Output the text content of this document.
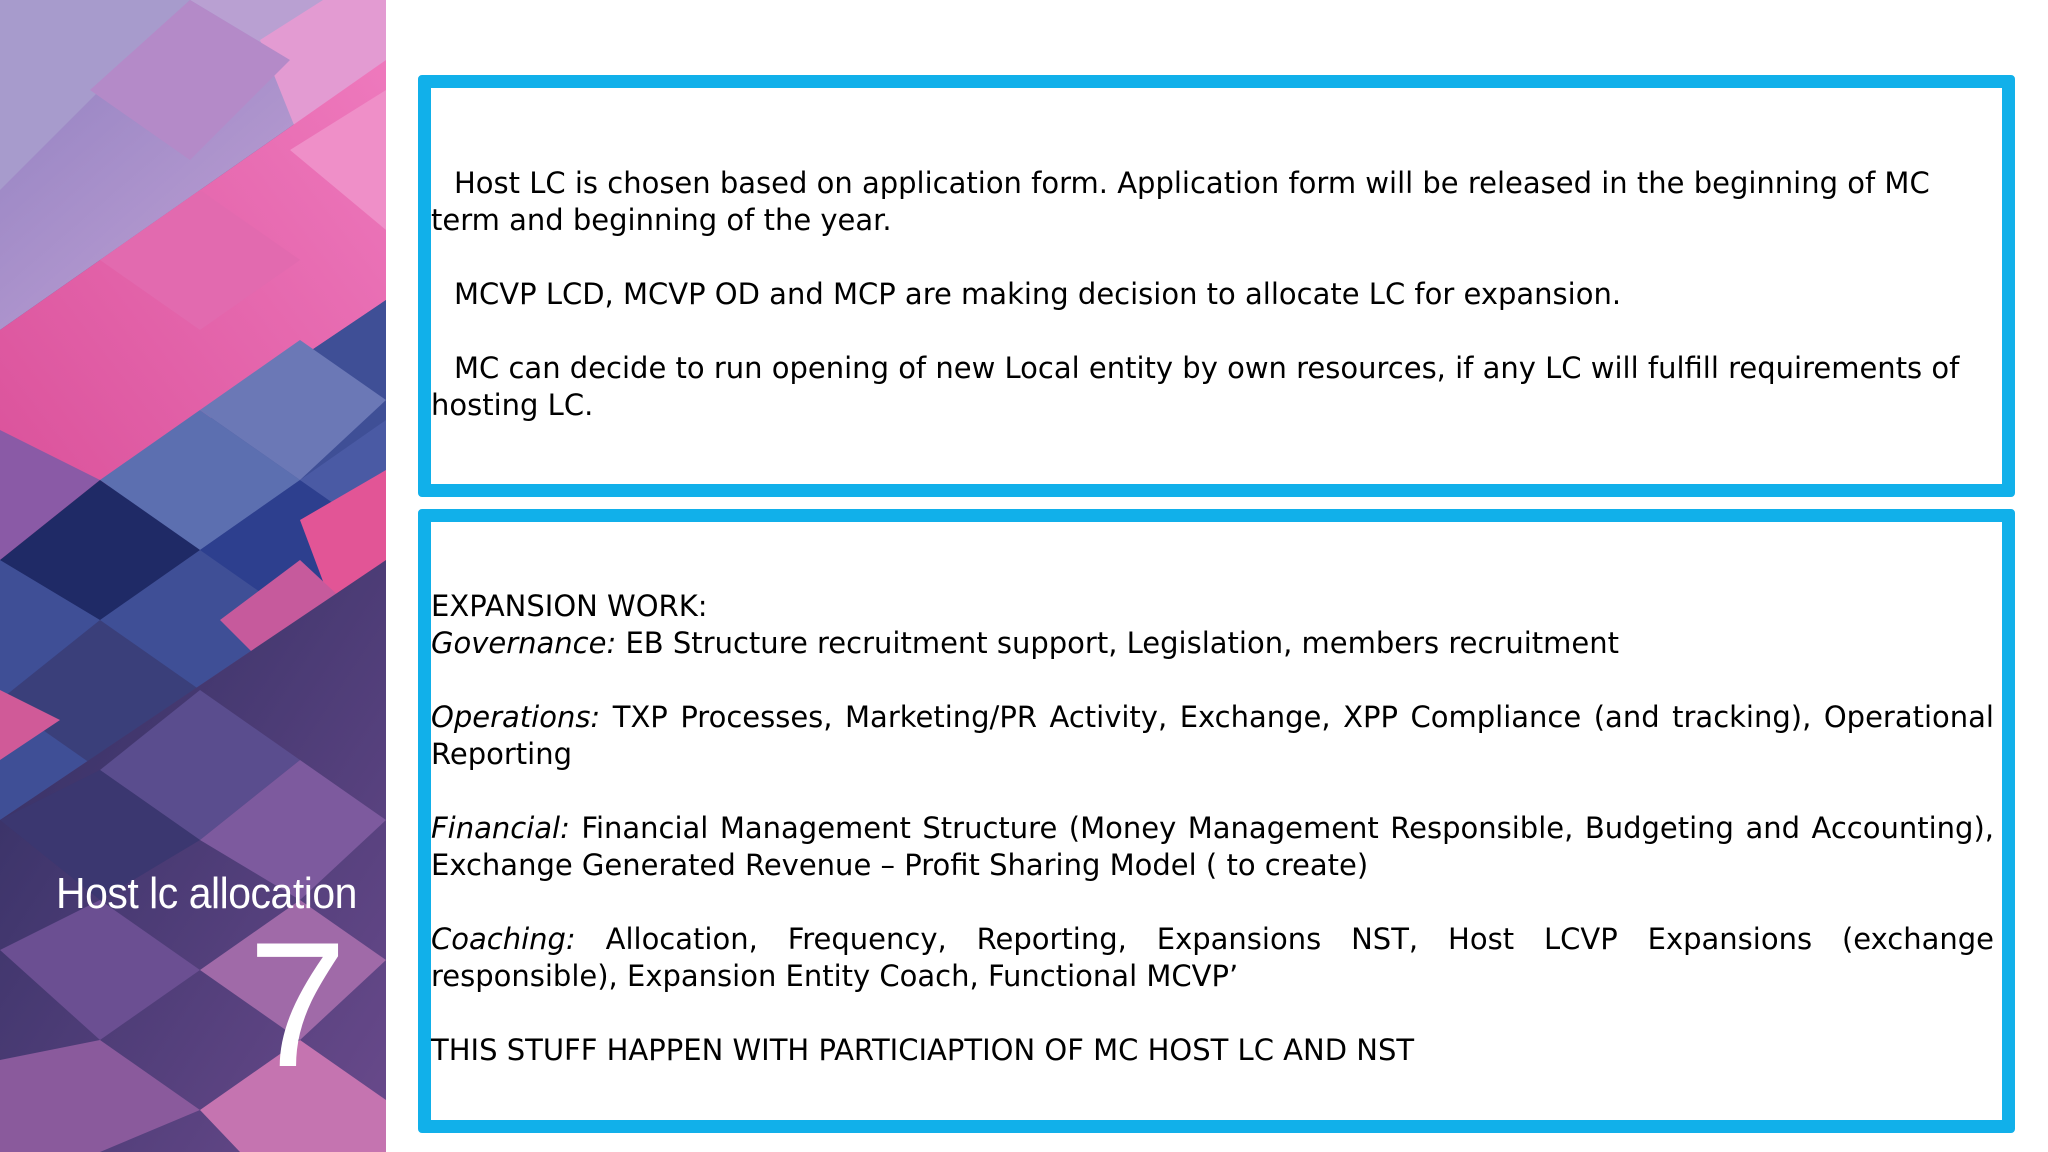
Host lc allocation
7

Host LC is chosen based on application form. Application form will be released in the beginning of MC term and beginning of the year.

MCVP LCD, MCVP OD and MCP are making decision to allocate LC for expansion.

MC can decide to run opening of new Local entity by own resources, if any LC will fulfill requirements of hosting LC.

EXPANSION WORK:

Governance: EB Structure recruitment support, Legislation, members recruitment

Operations: TXP Processes, Marketing/PR Activity, Exchange, XPP Compliance (and tracking), Operational Reporting

Financial: Financial Management Structure (Money Management Responsible, Budgeting and Accounting), Exchange Generated Revenue – Profit Sharing Model ( to create)

Coaching: Allocation, Frequency, Reporting, Expansions NST, Host LCVP Expansions (exchange responsible), Expansion Entity Coach, Functional MCVP’

THIS STUFF HAPPEN WITH PARTICIAPTION OF MC HOST LC AND NST
